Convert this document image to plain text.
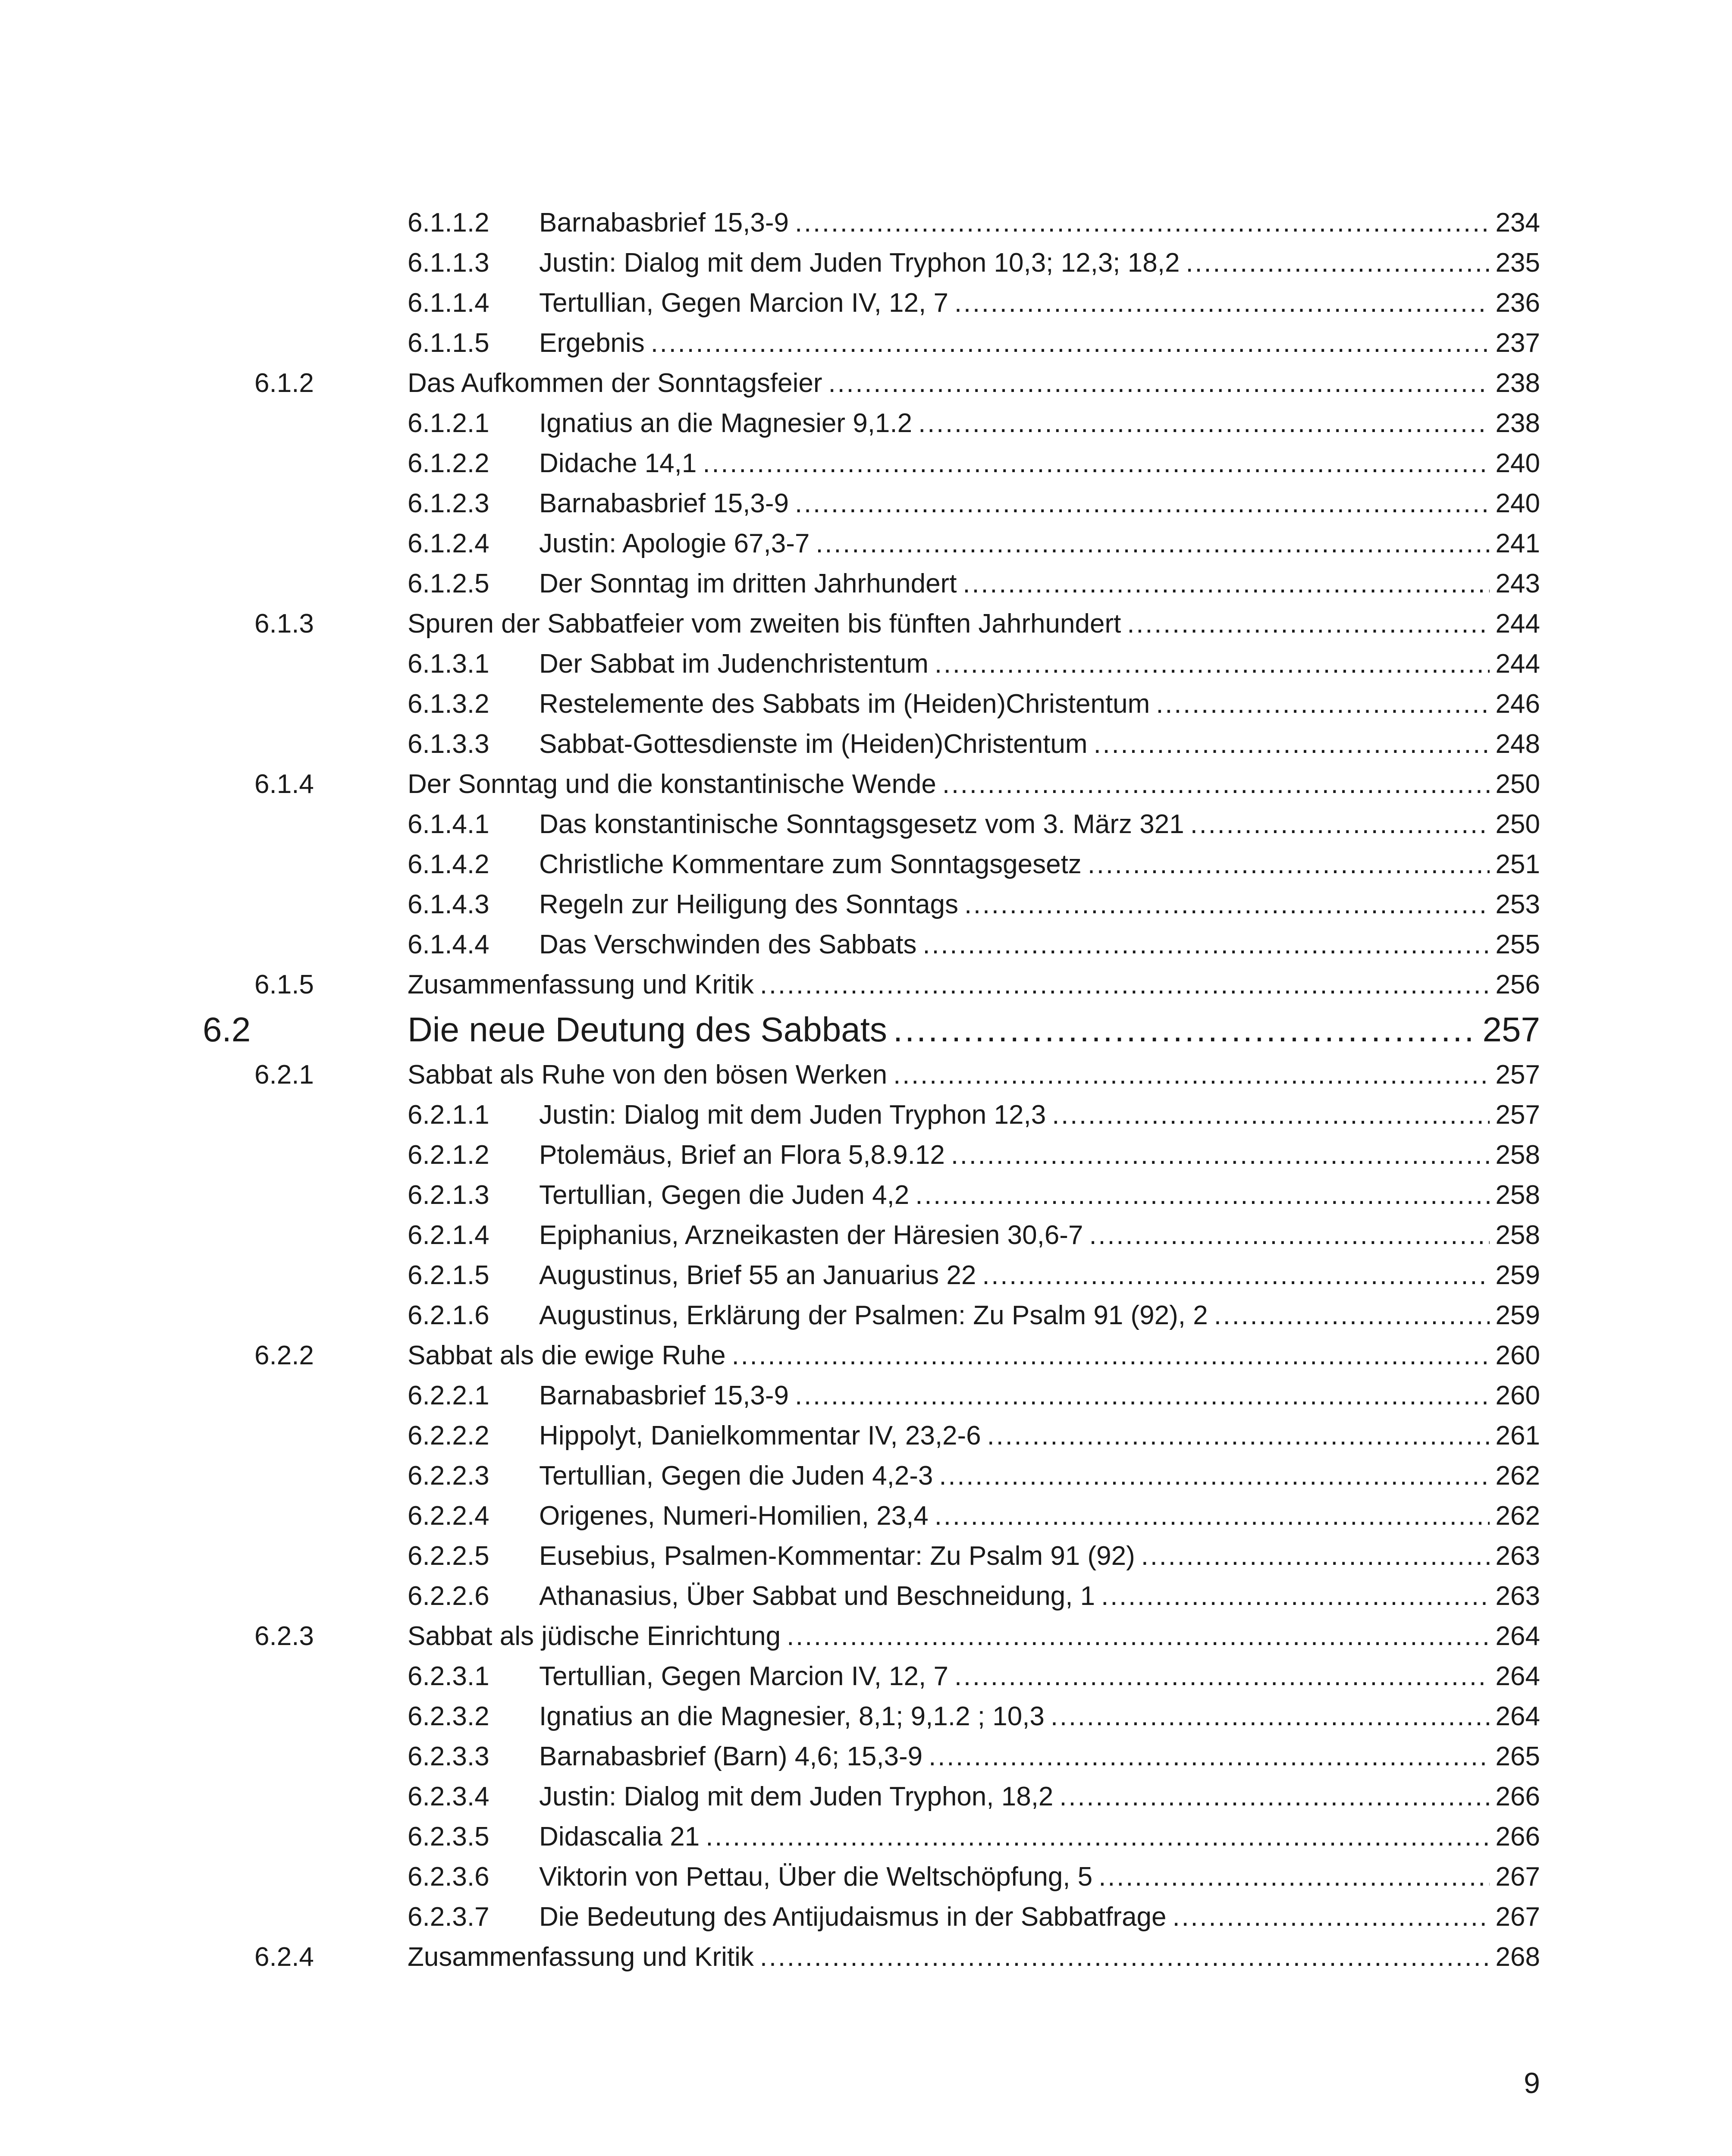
6.1.1.2 Barnabasbrief 15,3-9 .....	234
6.1.1.3 Justin: Dialog mit dem Juden Tryphon 10,3; 12,3; 18,2 .....	235
6.1.1.4 Tertullian, Gegen Marcion IV, 12, 7 .....	236
6.1.1.5 Ergebnis .....	237
6.1.2	Das Aufkommen der Sonntagsfeier .....	238
6.1.2.1 Ignatius an die Magnesier 9,1.2 .....	238
6.1.2.2 Didache 14,1 .....	240
6.1.2.3 Barnabasbrief 15,3-9 .....	240
6.1.2.4 Justin: Apologie 67,3-7 .....	241
6.1.2.5 Der Sonntag im dritten Jahrhundert .....	243
6.1.3	Spuren der Sabbatfeier vom zweiten bis fünften Jahrhundert .....	244
6.1.3.1 Der Sabbat im Judenchristentum .....	244
6.1.3.2 Restelemente des Sabbats im (Heiden)Christentum .....	246
6.1.3.3 Sabbat-Gottesdienste im (Heiden)Christentum .....	248
6.1.4	Der Sonntag und die konstantinische Wende .....	250
6.1.4.1 Das konstantinische Sonntagsgesetz vom 3. März 321 .....	250
6.1.4.2 Christliche Kommentare zum Sonntagsgesetz .....	251
6.1.4.3 Regeln zur Heiligung des Sonntags .....	253
6.1.4.4 Das Verschwinden des Sabbats .....	255
6.1.5	Zusammenfassung und Kritik .....	256
6.2	Die neue Deutung des Sabbats .....	257
6.2.1	Sabbat als Ruhe von den bösen Werken .....	257
6.2.1.1 Justin: Dialog mit dem Juden Tryphon 12,3 .....	257
6.2.1.2 Ptolemäus, Brief an Flora 5,8.9.12 .....	258
6.2.1.3 Tertullian, Gegen die Juden 4,2 .....	258
6.2.1.4 Epiphanius, Arzneikasten der Häresien 30,6-7 .....	258
6.2.1.5 Augustinus, Brief 55 an Januarius 22 .....	259
6.2.1.6 Augustinus, Erklärung der Psalmen: Zu Psalm 91 (92), 2 .....	259
6.2.2	Sabbat als die ewige Ruhe .....	260
6.2.2.1 Barnabasbrief 15,3-9 .....	260
6.2.2.2 Hippolyt, Danielkommentar IV, 23,2-6 .....	261
6.2.2.3 Tertullian, Gegen die Juden 4,2-3 .....	262
6.2.2.4 Origenes, Numeri-Homilien, 23,4 .....	262
6.2.2.5 Eusebius, Psalmen-Kommentar: Zu Psalm 91 (92) .....	263
6.2.2.6 Athanasius, Über Sabbat und Beschneidung, 1 .....	263
6.2.3	Sabbat als jüdische Einrichtung .....	264
6.2.3.1 Tertullian, Gegen Marcion IV, 12, 7 .....	264
6.2.3.2 Ignatius an die Magnesier, 8,1; 9,1.2 ; 10,3 .....	264
6.2.3.3 Barnabasbrief (Barn) 4,6; 15,3-9 .....	265
6.2.3.4 Justin: Dialog mit dem Juden Tryphon, 18,2 .....	266
6.2.3.5 Didascalia 21 .....	266
6.2.3.6 Viktorin von Pettau, Über die Weltschöpfung, 5 .....	267
6.2.3.7 Die Bedeutung des Antijudaismus in der Sabbatfrage .....	267
6.2.4	Zusammenfassung und Kritik .....	268
9
